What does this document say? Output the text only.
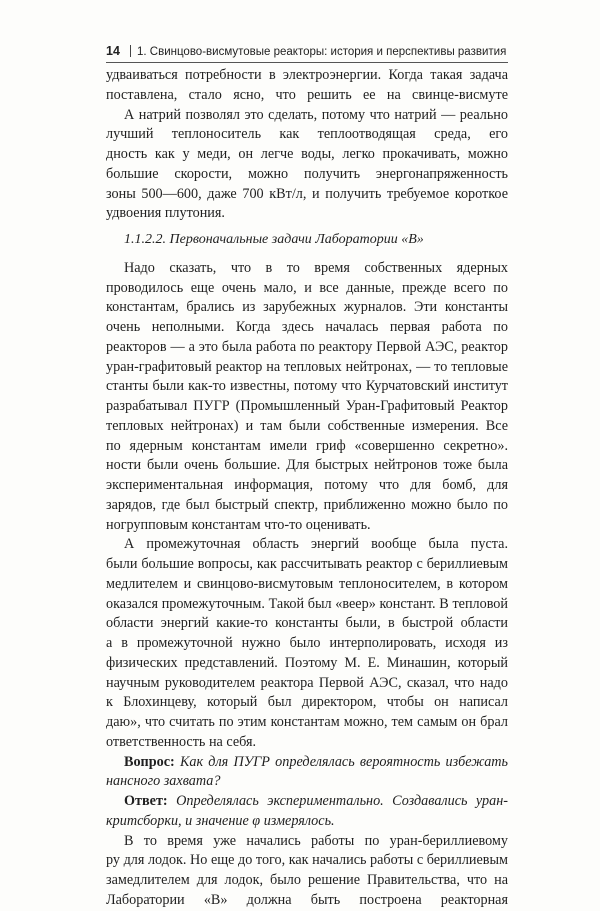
14 1. Свинцово-висмутовые реакторы: история и перспективы развития
удваиваться потребности в электроэнергии. Когда такая задача
поставлена, стало ясно, что решить ее на свинце-висмуте
А натрий позволял это сделать, потому что натрий — реально
лучший теплоноситель как теплоотводящая среда, его
дность как у меди, он легче воды, легко прокачивать, можно
большие скорости, можно получить энергонапряженность
зоны 500—600, даже 700 кВт/л, и получить требуемое короткое
удвоения плутония.
1.1.2.2. Первоначальные задачи Лаборатории «В»
Надо сказать, что в то время собственных ядерных
проводилось еще очень мало, и все данные, прежде всего по
константам, брались из зарубежных журналов. Эти константы
очень неполными. Когда здесь началась первая работа по
реакторов — а это была работа по реактору Первой АЭС, реактор
уран-графитовый реактор на тепловых нейтронах, — то тепловые
станты были как-то известны, потому что Курчатовский институт
разрабатывал ПУГР (Промышленный Уран-Графитовый Реактор
тепловых нейтронах) и там были собственные измерения. Все
по ядерным константам имели гриф «совершенно секретно».
ности были очень большие. Для быстрых нейтронов тоже была
экспериментальная информация, потому что для бомб, для
зарядов, где был быстрый спектр, приближенно можно было по
ногрупповым константам что-то оценивать.
А промежуточная область энергий вообще была пуста.
были большие вопросы, как рассчитывать реактор с бериллиевым
медлителем и свинцово-висмутовым теплоносителем, в котором
оказался промежуточным. Такой был «веер» констант. В тепловой
области энергий какие-то константы были, в быстрой области
а в промежуточной нужно было интерполировать, исходя из
физических представлений. Поэтому М. Е. Минашин, который
научным руководителем реактора Первой АЭС, сказал, что надо
к Блохинцеву, который был директором, чтобы он написал
даю», что считать по этим константам можно, тем самым он брал
ответственность на себя.
Вопрос: Как для ПУГР определялась вероятность избежать
нансного захвата?
Ответ: Определялась экспериментально. Создавались уран-
критсборки, и значение φ измерялось.
В то время уже начались работы по уран-бериллиевому
ру для лодок. Но еще до того, как начались работы с бериллиевым
замедлителем для лодок, было решение Правительства, что на
Лаборатории «В» должна быть построена реакторная
